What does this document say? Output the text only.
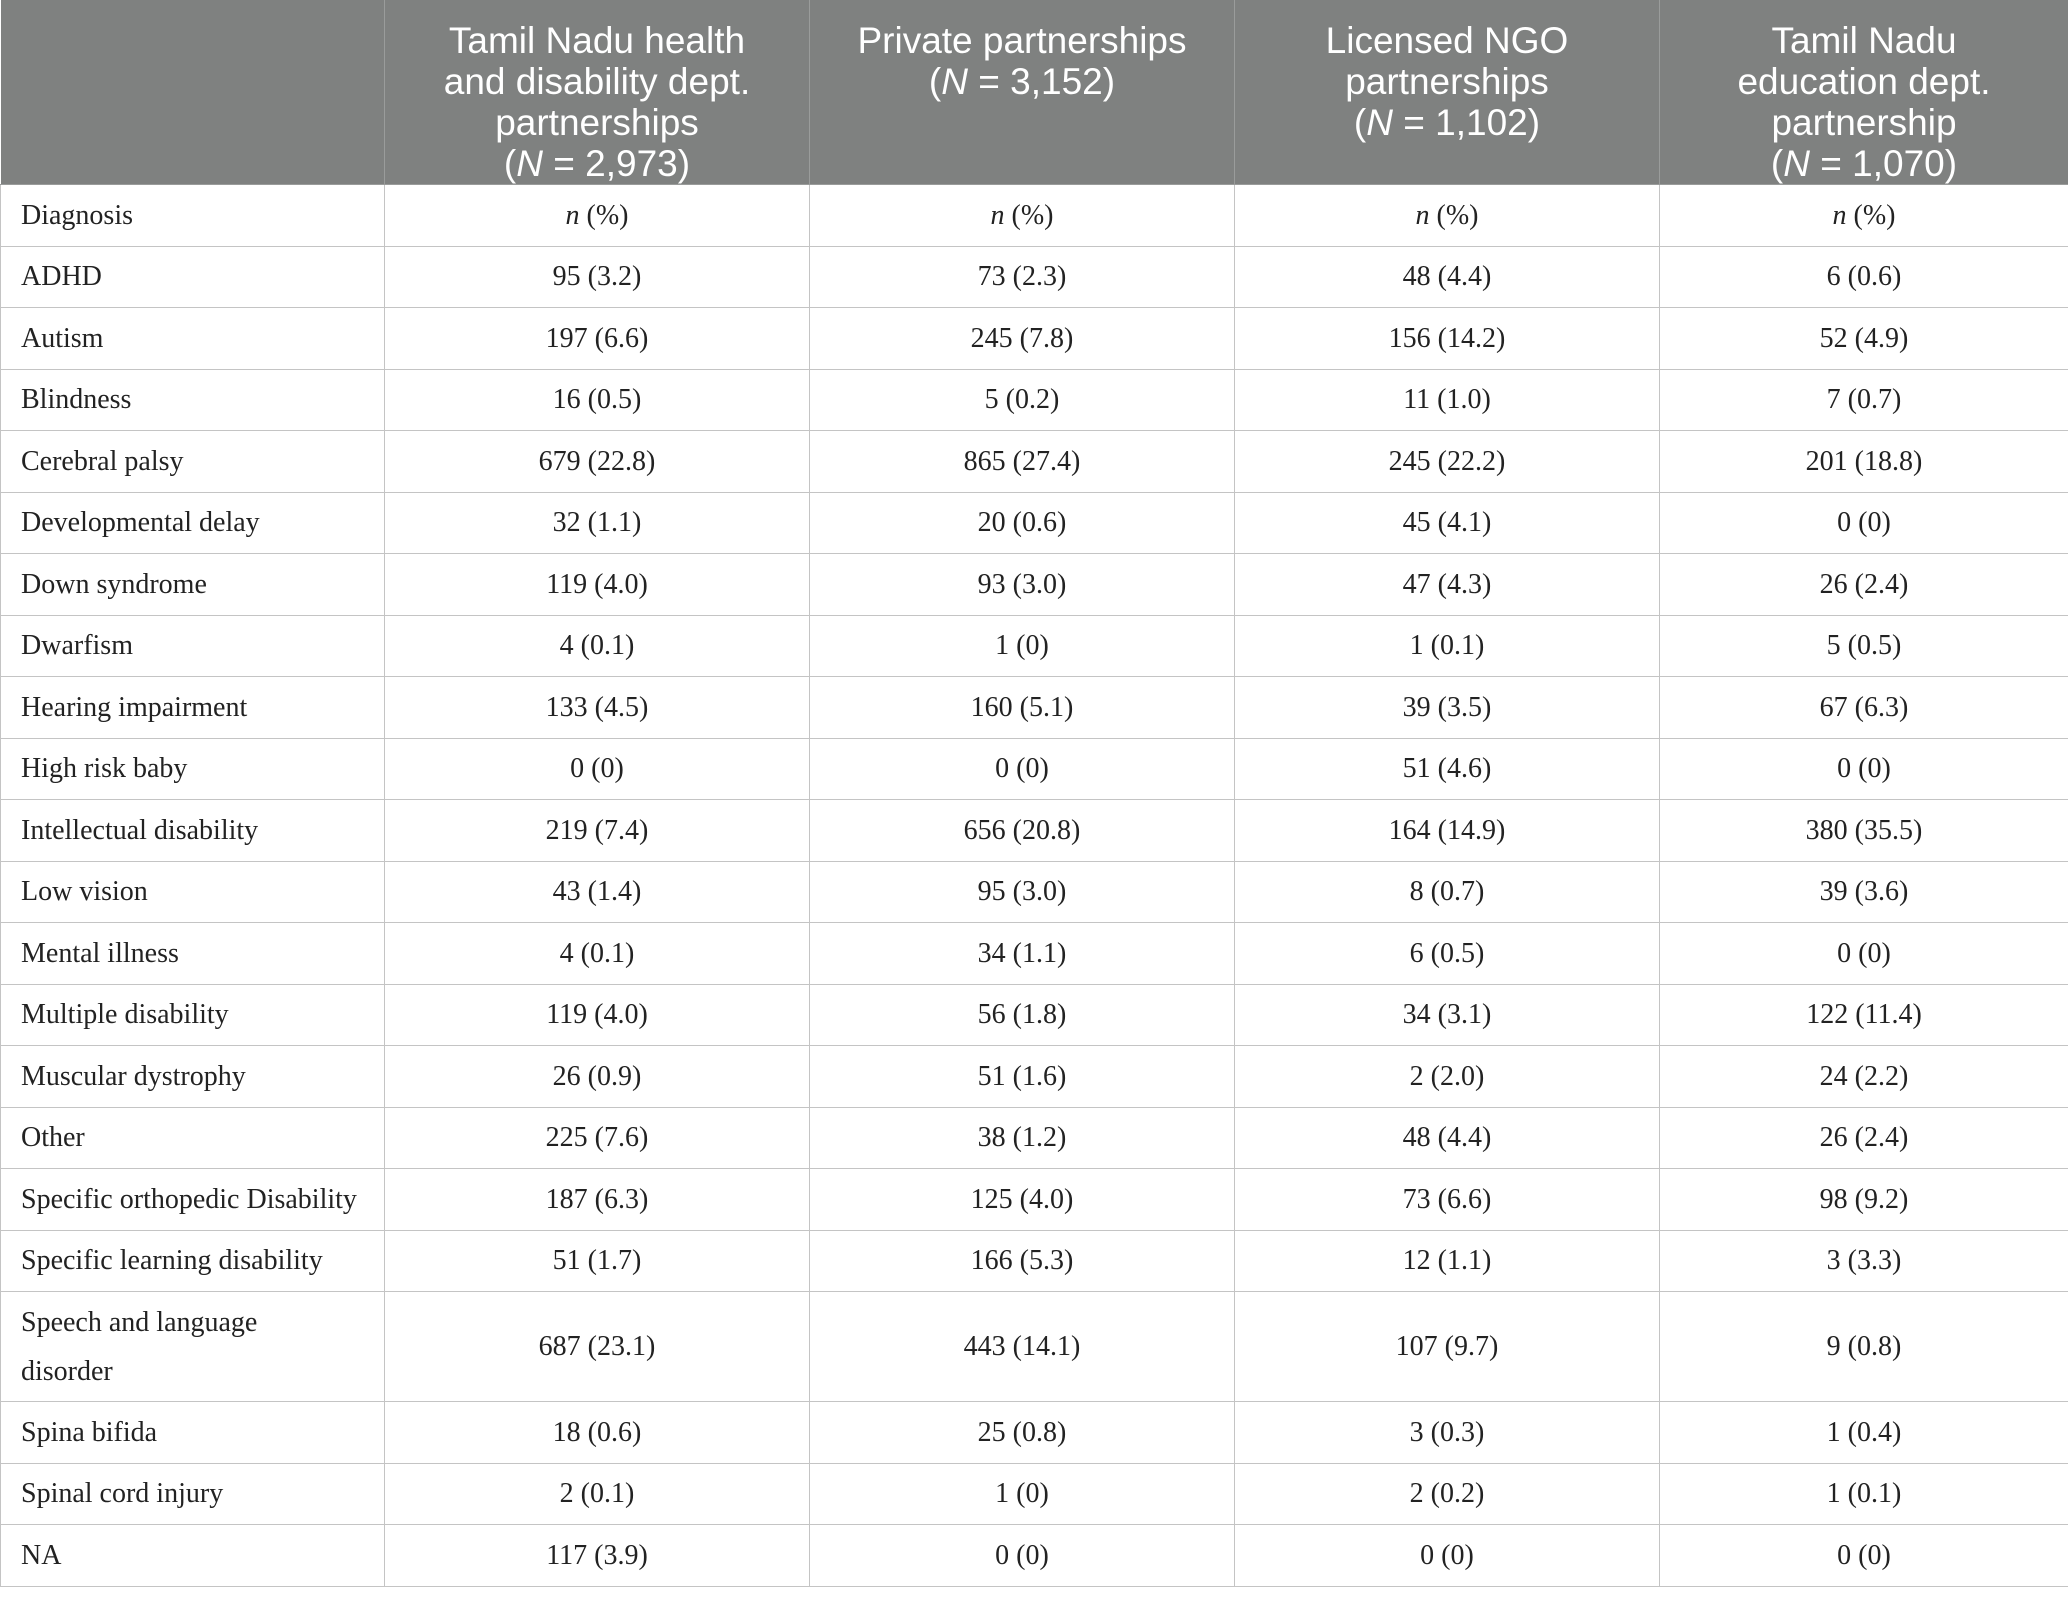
	Tamil Nadu health
and disability dept.
partnerships
(N = 2,973)	Private partnerships
(N = 3,152)	Licensed NGO
partnerships
(N = 1,102)	Tamil Nadu
education dept.
partnership
(N = 1,070)

Diagnosis	n (%)	n (%)	n (%)	n (%)
ADHD	95 (3.2)	73 (2.3)	48 (4.4)	6 (0.6)
Autism	197 (6.6)	245 (7.8)	156 (14.2)	52 (4.9)
Blindness	16 (0.5)	5 (0.2)	11 (1.0)	7 (0.7)
Cerebral palsy	679 (22.8)	865 (27.4)	245 (22.2)	201 (18.8)
Developmental delay	32 (1.1)	20 (0.6)	45 (4.1)	0 (0)
Down syndrome	119 (4.0)	93 (3.0)	47 (4.3)	26 (2.4)
Dwarfism	4 (0.1)	1 (0)	1 (0.1)	5 (0.5)
Hearing impairment	133 (4.5)	160 (5.1)	39 (3.5)	67 (6.3)
High risk baby	0 (0)	0 (0)	51 (4.6)	0 (0)
Intellectual disability	219 (7.4)	656 (20.8)	164 (14.9)	380 (35.5)
Low vision	43 (1.4)	95 (3.0)	8 (0.7)	39 (3.6)
Mental illness	4 (0.1)	34 (1.1)	6 (0.5)	0 (0)
Multiple disability	119 (4.0)	56 (1.8)	34 (3.1)	122 (11.4)
Muscular dystrophy	26 (0.9)	51 (1.6)	2 (2.0)	24 (2.2)
Other	225 (7.6)	38 (1.2)	48 (4.4)	26 (2.4)
Specific orthopedic Disability	187 (6.3)	125 (4.0)	73 (6.6)	98 (9.2)
Specific learning disability	51 (1.7)	166 (5.3)	12 (1.1)	3 (3.3)

Speech and language
disorder	687 (23.1)	443 (14.1)	107 (9.7)	9 (0.8)
Spina bifida	18 (0.6)	25 (0.8)	3 (0.3)	1 (0.4)
Spinal cord injury	2 (0.1)	1 (0)	2 (0.2)	1 (0.1)
NA	117 (3.9)	0 (0)	0 (0)	0 (0)
